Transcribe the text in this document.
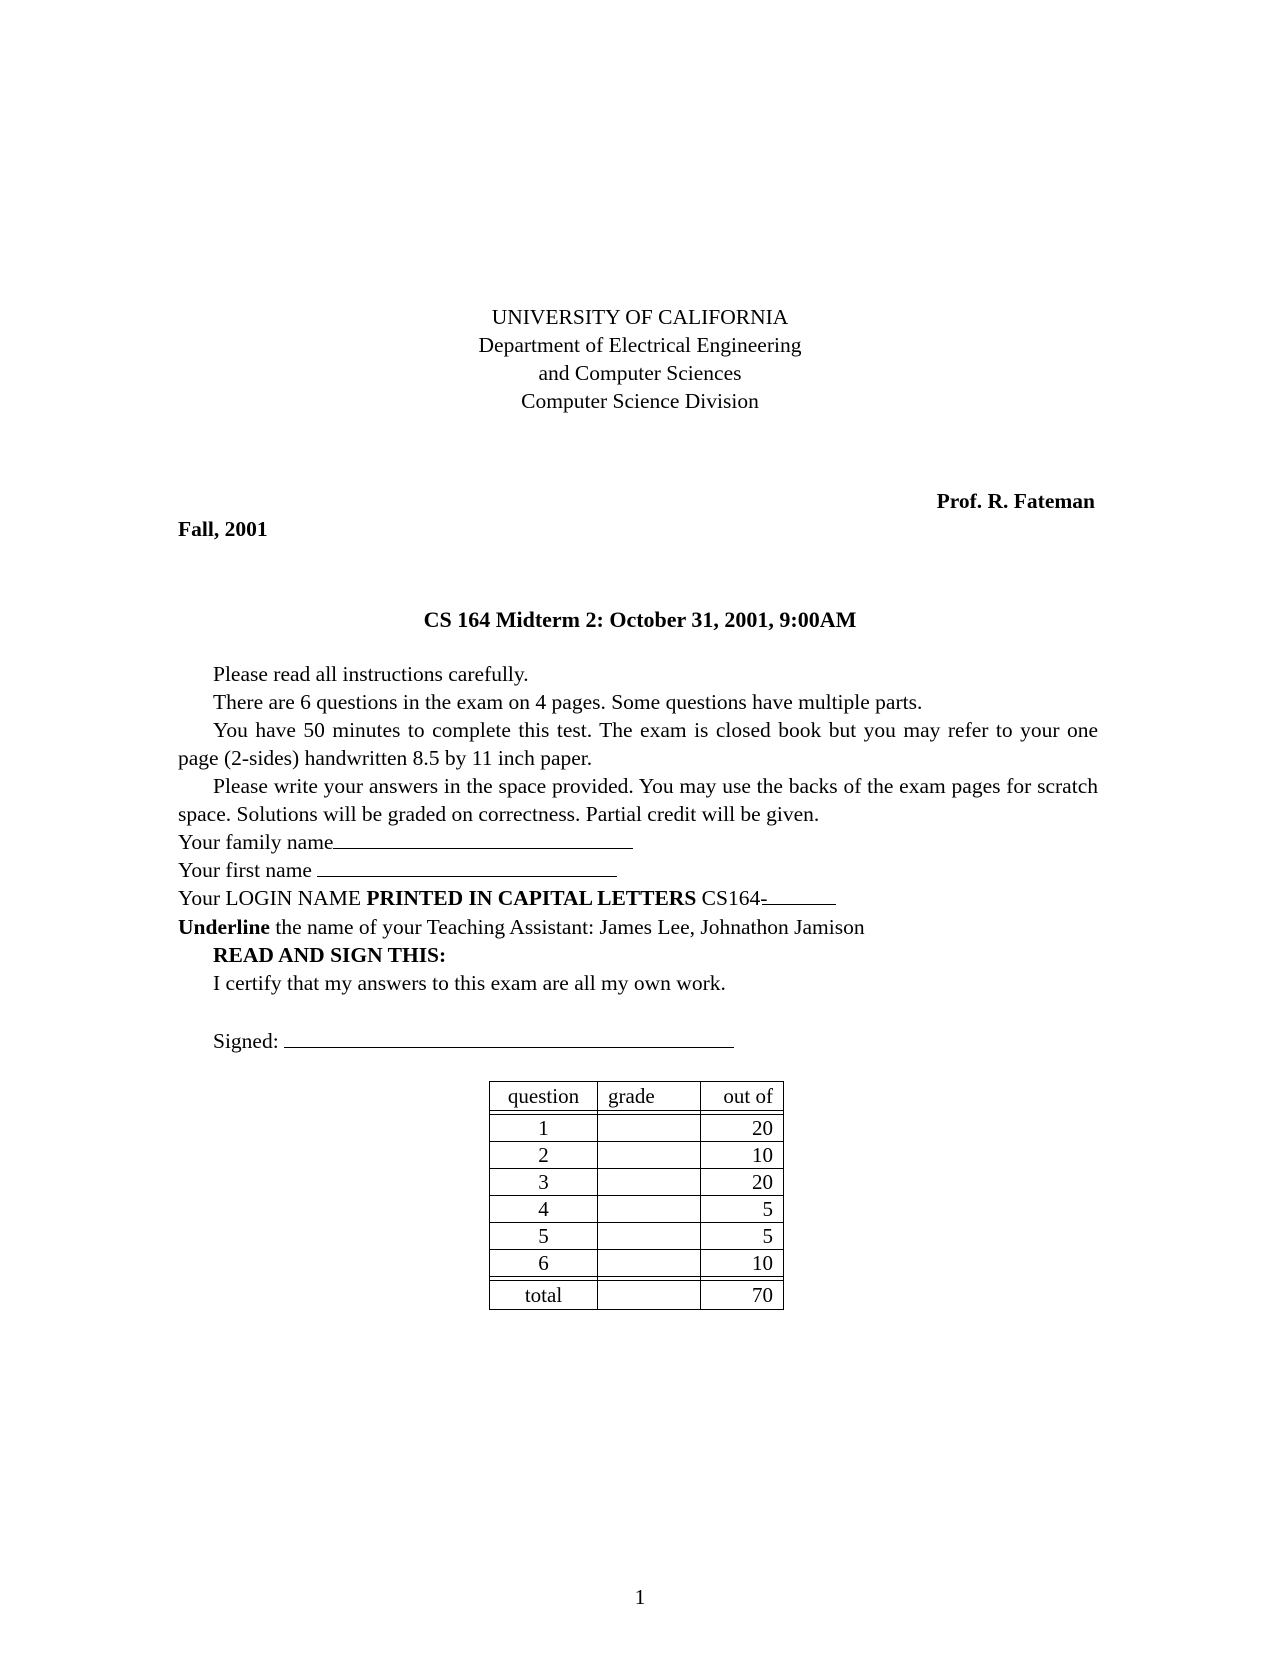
UNIVERSITY OF CALIFORNIA
Department of Electrical Engineering
and Computer Sciences
Computer Science Division
Prof. R. Fateman
Fall, 2001
CS 164 Midterm 2: October 31, 2001, 9:00AM
Please read all instructions carefully.
There are 6 questions in the exam on 4 pages. Some questions have multiple parts.
You have 50 minutes to complete this test. The exam is closed book but you may refer to your one page (2-sides) handwritten 8.5 by 11 inch paper.
Please write your answers in the space provided. You may use the backs of the exam pages for scratch space. Solutions will be graded on correctness. Partial credit will be given.
Your family name
Your first name
Your LOGIN NAME PRINTED IN CAPITAL LETTERS CS164-
Underline the name of your Teaching Assistant: James Lee, Johnathon Jamison
READ AND SIGN THIS:
I certify that my answers to this exam are all my own work.
Signed:
question	grade	out of

1		20
2		10
3		20
4		5
5		5
6		10

total		70
1
